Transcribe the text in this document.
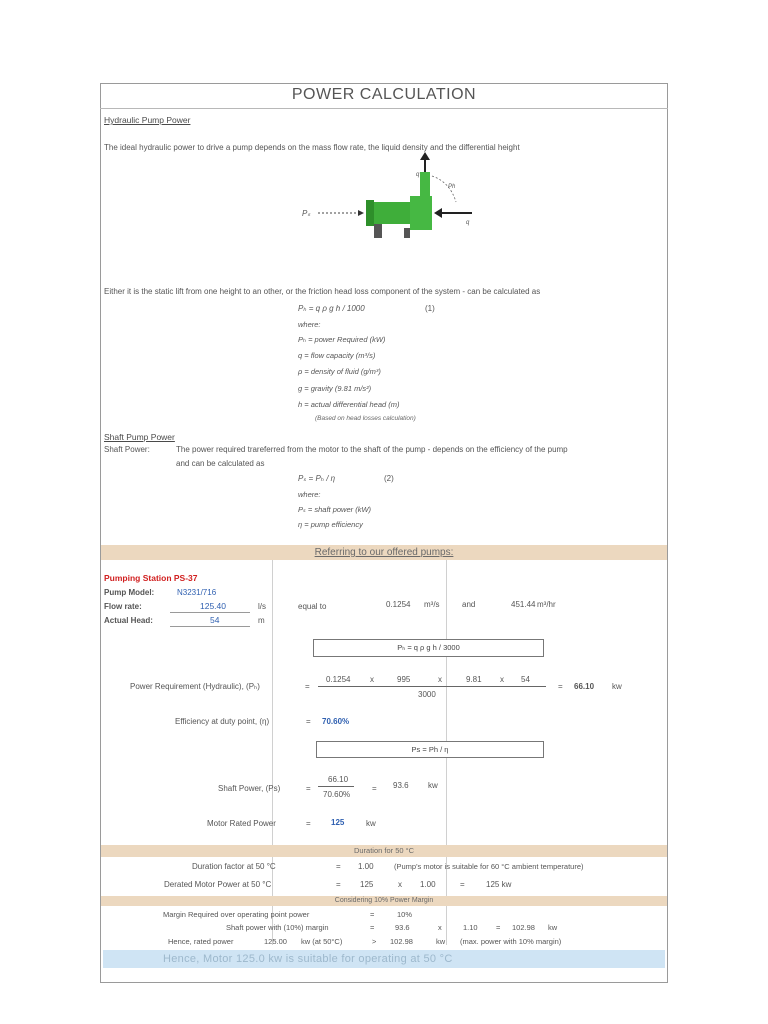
POWER CALCULATION
Hydraulic Pump Power
The ideal hydraulic power to drive a pump depends on the mass flow rate, the liquid density and the differential height
Pₛ
q
q
Ph
Either it is the static lift from one height to an other, or the friction head loss component of the system - can be calculated as
Pₕ = q ρ g h / 1000	(1)
where:
Pₕ = power Required (kW)
q = flow capacity (m³/s)
ρ = density of fluid (g/m³)
g = gravity (9.81 m/s²)
h = actual differential head (m)
(Based on head losses calculation)
Shaft Pump Power
Shaft Power:	The power required trareferred from the motor to the shaft of the pump - depends on the efficiency of the pump
and can be calculated as
Pₛ = Pₕ / η	(2)
where:
Pₛ = shaft power (kW)
η = pump efficiency
Referring to our offered pumps:
Pumping Station PS-37
Pump Model:	N3231/716
Flow rate:	125.40	l/s	equal to	0.1254 m³/s	and	451.44 m³/hr
Actual Head:	54	m
Pₕ = q ρ g h / 3000
Power Requirement (Hydraulic), (Pₕ)	=
0.1254 x	995	x	9.81 x 54
3000
= 66.10 kw
Efficiency at duty point, (η)	= 70.60%
Ps = Ph / η
Shaft Power, (Ps)	=
66.10
70.60%
= 93.6 kw
Motor Rated Power	=	125	kw
Duration for 50 °C
Duration factor at 50 °C	= 1.00	(Pump's motor is suitable for 60 °C ambient temperature)
Derated Motor Power at 50 °C	= 125	x 1.00	=	125 kw
Considering 10% Power Margin
Margin Required over operating point power	=	10%
Shaft power with (10%) margin	=	93.6	x	1.10 = 102.98 kw
Hence, rated power	125.00 kw (at 50°C)	> 102.98	kw (max. power with 10% margin)
Hence, Motor 125.0 kw is suitable for operating at 50 °C
